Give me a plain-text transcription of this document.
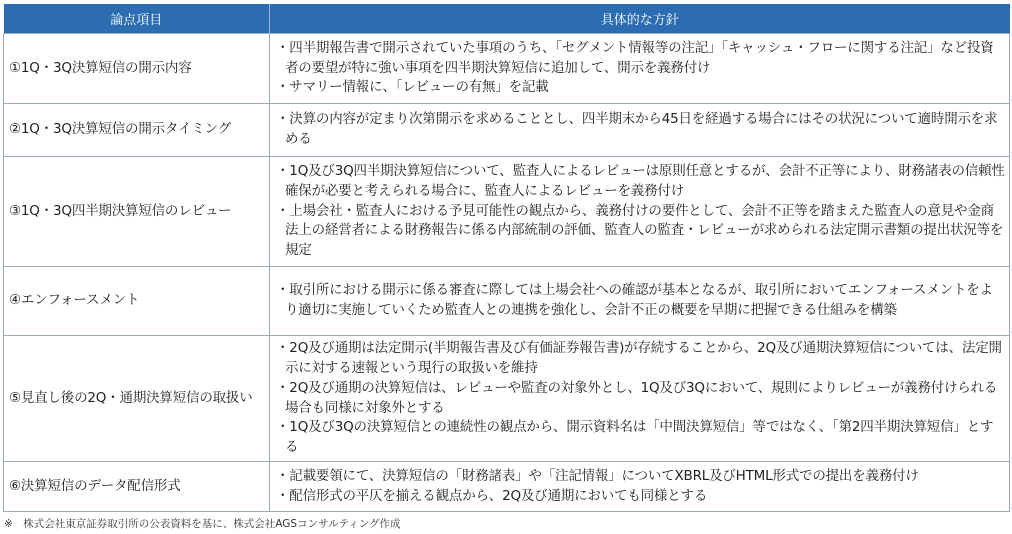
論点項目	具体的な方針
①1Q・3Q決算短信の開示内容	・四半期報告書で開示されていた事項のうち、「セグメント情報等の注記」「キャッシュ・フローに関する注記」など投資者の要望が特に強い事項を四半期決算短信に追加して、開示を義務付け
・サマリー情報に、「レビューの有無」を記載

②1Q・3Q決算短信の開示タイミング	・決算の内容が定まり次第開示を求めることとし、四半期末から45日を経過する場合にはその状況について適時開示を求める

③1Q・3Q四半期決算短信のレビュー	・1Q及び3Q四半期決算短信について、監査人によるレビューは原則任意とするが、会計不正等により、財務諸表の信頼性確保が必要と考えられる場合に、監査人によるレビューを義務付け
・上場会社・監査人における予見可能性の観点から、義務付けの要件として、会計不正等を踏まえた監査人の意見や金商法上の経営者による財務報告に係る内部統制の評価、監査人の監査・レビューが求められる法定開示書類の提出状況等を規定

④エンフォースメント	・取引所における開示に係る審査に際しては上場会社への確認が基本となるが、取引所においてエンフォースメントをより適切に実施していくため監査人との連携を強化し、会計不正の概要を早期に把握できる仕組みを構築

⑤見直し後の2Q・通期決算短信の取扱い	・2Q及び通期は法定開示(半期報告書及び有価証券報告書)が存続することから、2Q及び通期決算短信については、法定開示に対する速報という現行の取扱いを維持
・2Q及び通期の決算短信は、レビューや監査の対象外とし、1Q及び3Qにおいて、規則によりレビューが義務付けられる場合も同様に対象外とする
・1Q及び3Qの決算短信との連続性の観点から、開示資料名は「中間決算短信」等ではなく、「第2四半期決算短信」とする

⑥決算短信のデータ配信形式	・記載要領にて、決算短信の「財務諸表」や「注記情報」についてXBRL及びHTML形式での提出を義務付け
・配信形式の平仄を揃える観点から、2Q及び通期においても同様とする
※　株式会社東京証券取引所の公表資料を基に、株式会社AGSコンサルティング作成
